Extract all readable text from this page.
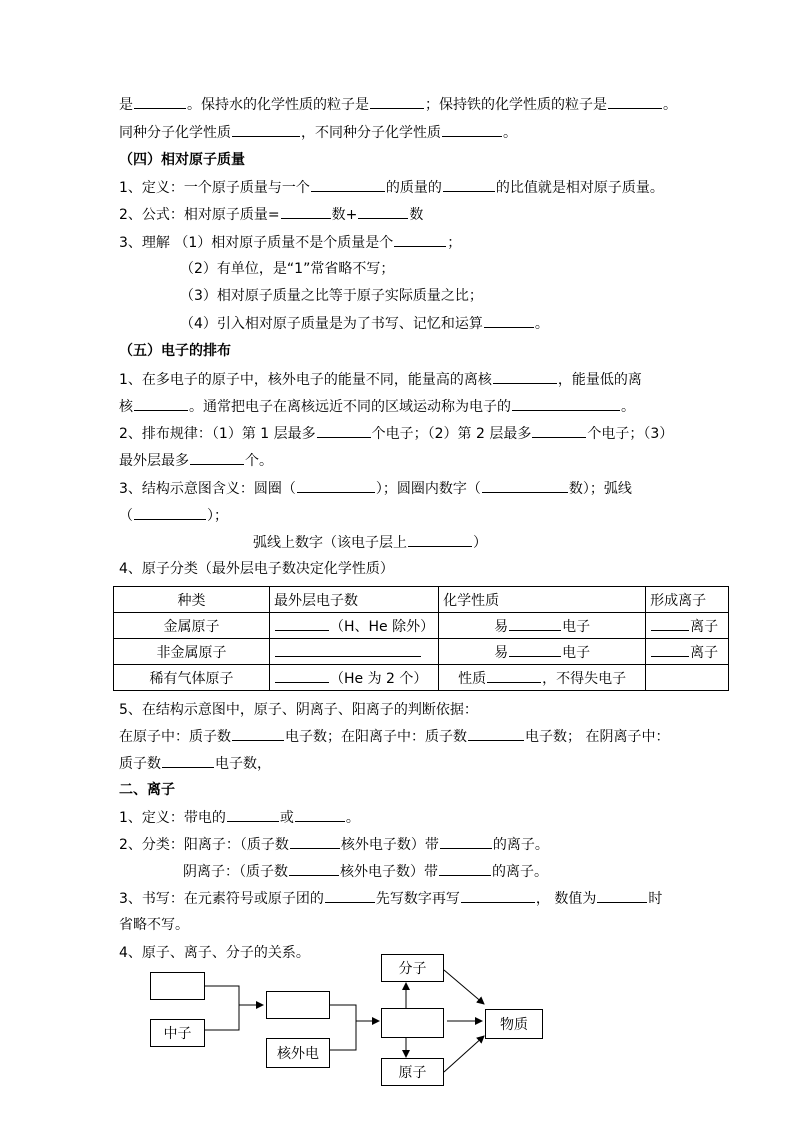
是	。保持水的化学性质的粒子是	；保持铁的化学性质的粒子是	。
同种分子化学性质	，不同种分子化学性质	。
（四）相对原子质量
1、定义：一个原子质量与一个	的质量的	的比值就是相对原子质量。
2、公式：相对原子质量=	数+	数
3、理解 （1）相对原子质量不是个质量是个	；
（2）有单位，是“1”常省略不写；
（3）相对原子质量之比等于原子实际质量之比；
（4）引入相对原子质量是为了书写、记忆和运算	。
（五）电子的排布
1、在多电子的原子中，核外电子的能量不同，能量高的离核	，能量低的离
核	。通常把电子在离核远近不同的区域运动称为电子的	。
2、排布规律：（1）第 1 层最多	个电子；（2）第 2 层最多	个电子；（3）
最外层最多	个。
3、结构示意图含义：圆圈（	）；圆圈内数字（	数）；弧线
（	）；
弧线上数字（该电子层上	）
4、原子分类（最外层电子数决定化学性质）
种类	最外层电子数	化学性质	形成离子
金属原子	（H、He 除外）	易 电子	离子
非金属原子		易 电子	离子
稀有气体原子	（He 为 2 个）	性质 ，不得失电子	
5、在结构示意图中，原子、阴离子、阳离子的判断依据：
在原子中：质子数	电子数；在阳离子中：质子数	电子数； 在阴离子中：
质子数	电子数，
二、离子
1、定义：带电的	或	。
2、分类：阳离子：（质子数	核外电子数）带	的离子。
阴离子：（质子数	核外电子数）带	的离子。
3、书写：在元素符号或原子团的	先写数字再写	， 数值为	时
省略不写。
4、原子、离子、分子的关系。
中子
核外电
分子
原子
物质
